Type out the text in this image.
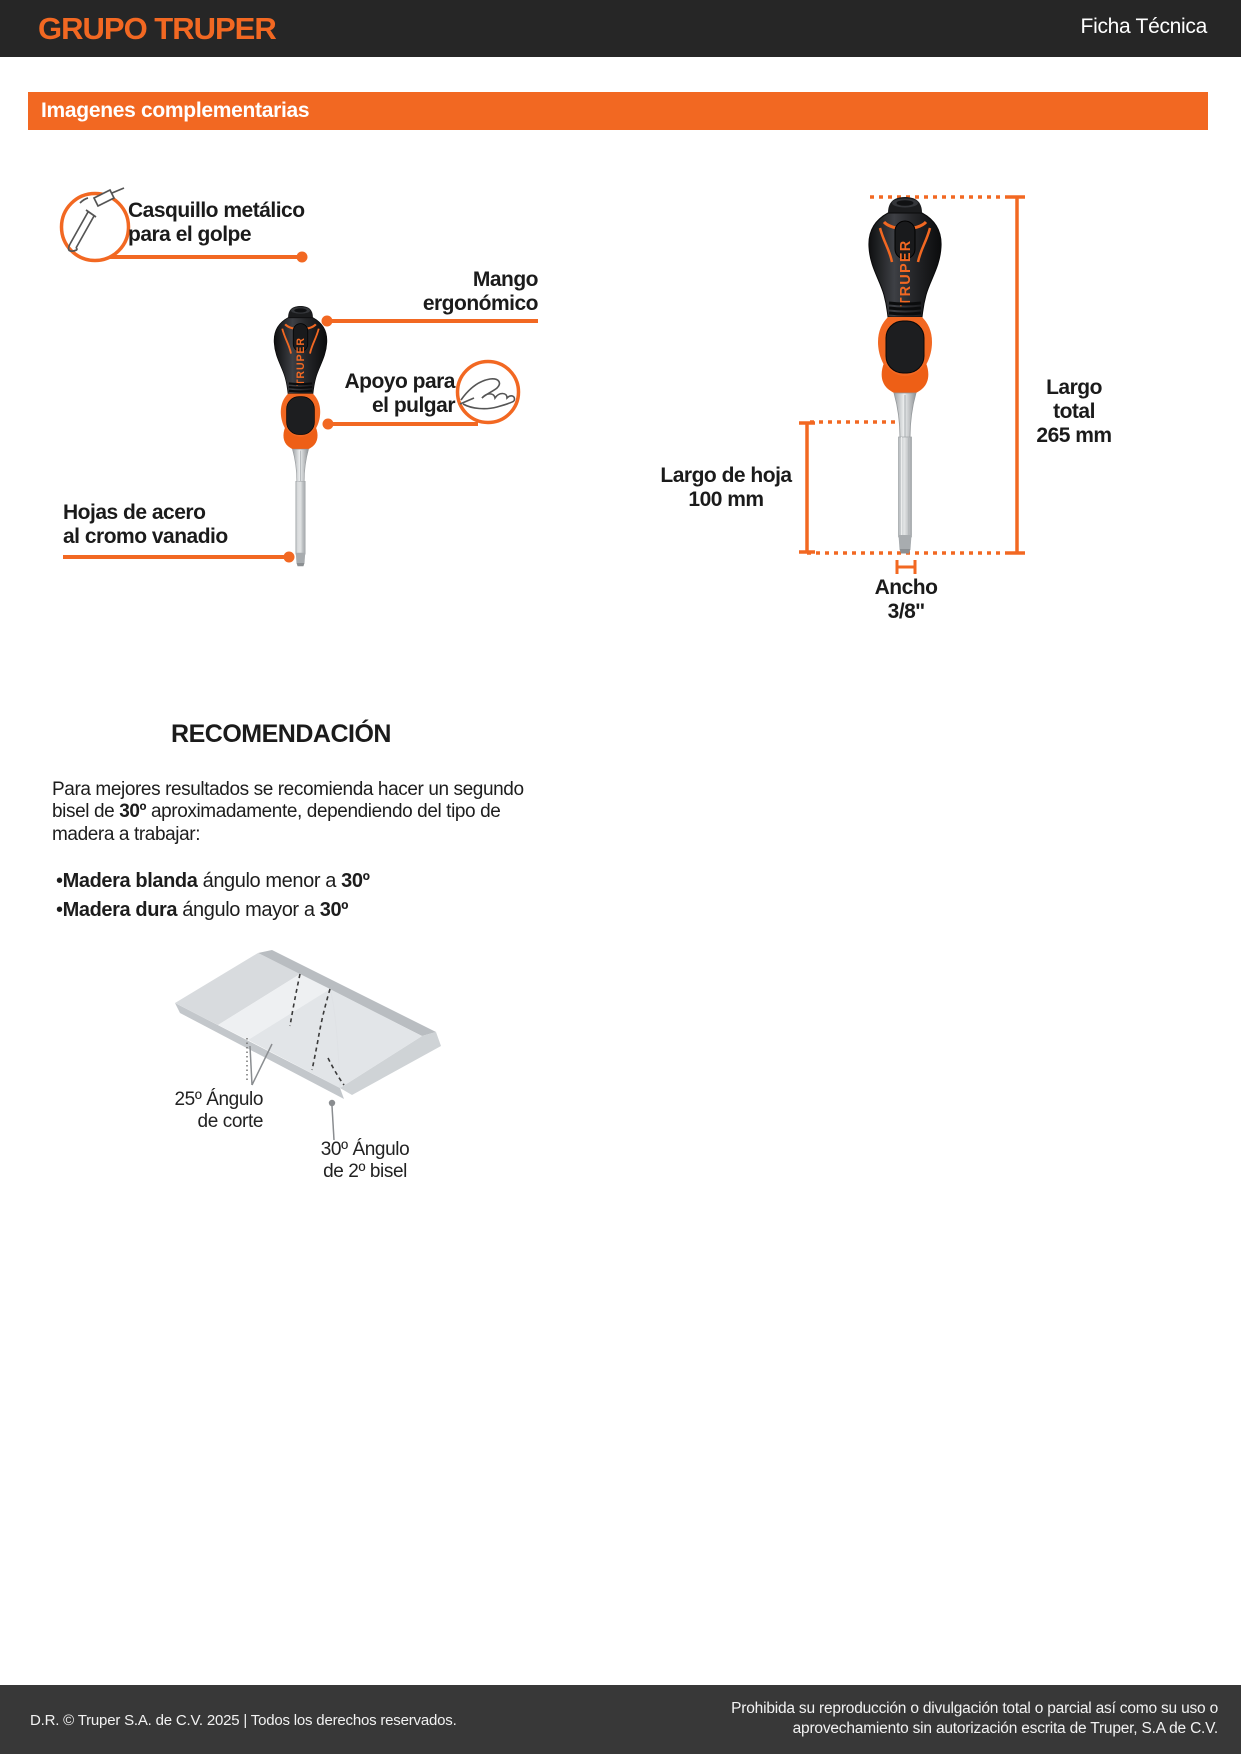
GRUPO TRUPER	Ficha Técnica
Imagenes complementarias
Casquillo metálico
para el golpe
Mango
ergonómico
Apoyo para
el pulgar
Hojas de acero
al cromo vanadio
Largo total
265 mm
Largo de hoja
100 mm
Ancho
3/8''
RECOMENDACIÓN
Para mejores resultados se recomienda hacer un segundo bisel de 30º aproximadamente, dependiendo del tipo de madera a trabajar:
•Madera blanda ángulo menor a 30º
•Madera dura ángulo mayor a 30º
25º Ángulo
de corte
30º Ángulo
de 2º bisel
D.R. © Truper S.A. de C.V. 2025 | Todos los derechos reservados.
Prohibida su reproducción o divulgación total o parcial así como su uso o
aprovechamiento sin autorización escrita de Truper, S.A de C.V.
